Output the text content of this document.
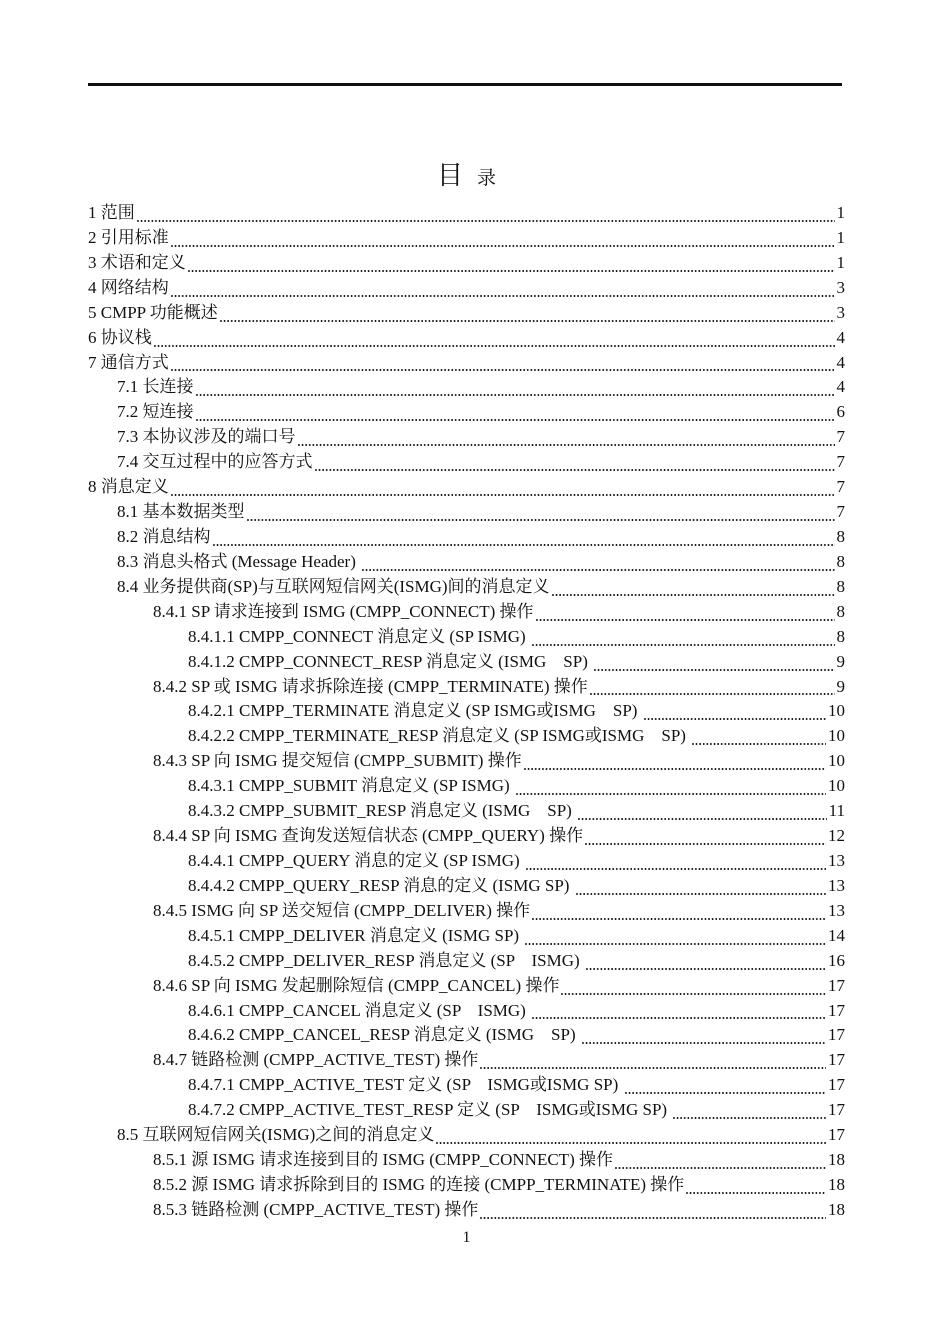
目 录
1 范围	1
2 引用标准	1
3 术语和定义	1
4 网络结构	3
5 CMPP 功能概述	3
6 协议栈	4
7 通信方式	4
7.1 长连接	4
7.2 短连接	6
7.3 本协议涉及的端口号	7
7.4 交互过程中的应答方式	7
8 消息定义	7
8.1 基本数据类型	7
8.2 消息结构	8
8.3 消息头格式 (Message Header)	8
8.4 业务提供商(SP)与互联网短信网关(ISMG)间的消息定义	8
8.4.1 SP 请求连接到 ISMG (CMPP_CONNECT) 操作	8
8.4.1.1 CMPP_CONNECT 消息定义 (SP ISMG)	8
8.4.1.2 CMPP_CONNECT_RESP 消息定义 (ISMG　SP)	9
8.4.2 SP 或 ISMG 请求拆除连接 (CMPP_TERMINATE) 操作	9
8.4.2.1 CMPP_TERMINATE 消息定义 (SP ISMG或ISMG　SP)	10
8.4.2.2 CMPP_TERMINATE_RESP 消息定义 (SP ISMG或ISMG　SP)	10
8.4.3 SP 向 ISMG 提交短信 (CMPP_SUBMIT) 操作	10
8.4.3.1 CMPP_SUBMIT 消息定义 (SP ISMG)	10
8.4.3.2 CMPP_SUBMIT_RESP 消息定义 (ISMG　SP)	11
8.4.4 SP 向 ISMG 查询发送短信状态 (CMPP_QUERY) 操作	12
8.4.4.1 CMPP_QUERY 消息的定义 (SP ISMG)	13
8.4.4.2 CMPP_QUERY_RESP 消息的定义 (ISMG SP)	13
8.4.5 ISMG 向 SP 送交短信 (CMPP_DELIVER) 操作	13
8.4.5.1 CMPP_DELIVER 消息定义 (ISMG SP)	14
8.4.5.2 CMPP_DELIVER_RESP 消息定义 (SP　ISMG)	16
8.4.6 SP 向 ISMG 发起删除短信 (CMPP_CANCEL) 操作	17
8.4.6.1 CMPP_CANCEL 消息定义 (SP　ISMG)	17
8.4.6.2 CMPP_CANCEL_RESP 消息定义 (ISMG　SP)	17
8.4.7 链路检测 (CMPP_ACTIVE_TEST) 操作	17
8.4.7.1 CMPP_ACTIVE_TEST 定义 (SP　ISMG或ISMG SP)	17
8.4.7.2 CMPP_ACTIVE_TEST_RESP 定义 (SP　ISMG或ISMG SP)	17
8.5 互联网短信网关(ISMG)之间的消息定义	17
8.5.1 源 ISMG 请求连接到目的 ISMG (CMPP_CONNECT) 操作	18
8.5.2 源 ISMG 请求拆除到目的 ISMG 的连接 (CMPP_TERMINATE) 操作	18
8.5.3 链路检测 (CMPP_ACTIVE_TEST) 操作	18
1
